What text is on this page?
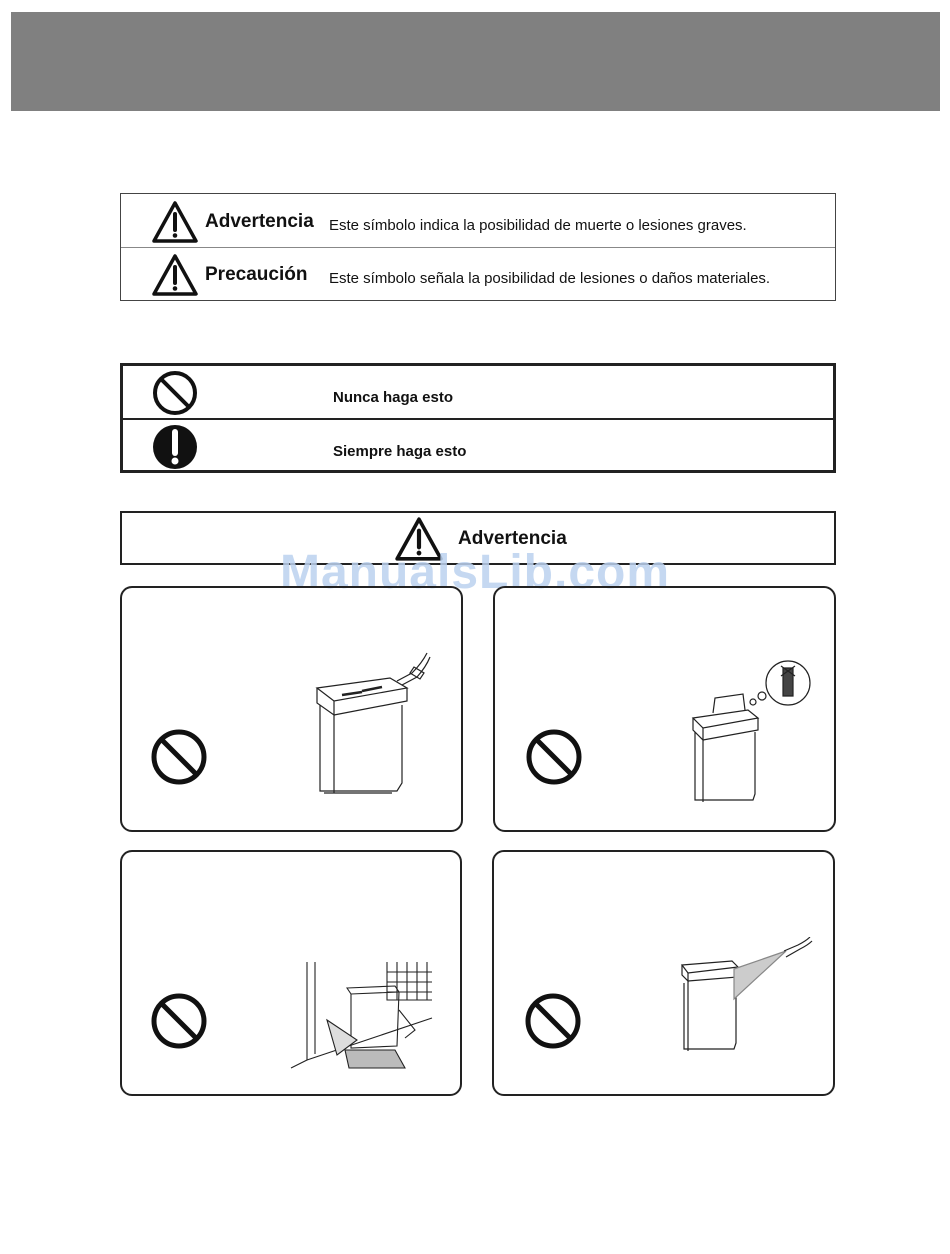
Advertencia Este símbolo indica la posibilidad de muerte o lesiones graves.
Precaución Este símbolo señala la posibilidad de lesiones o daños materiales.
Nunca haga esto
Siempre haga esto
Advertencia
ManualsLib.com
